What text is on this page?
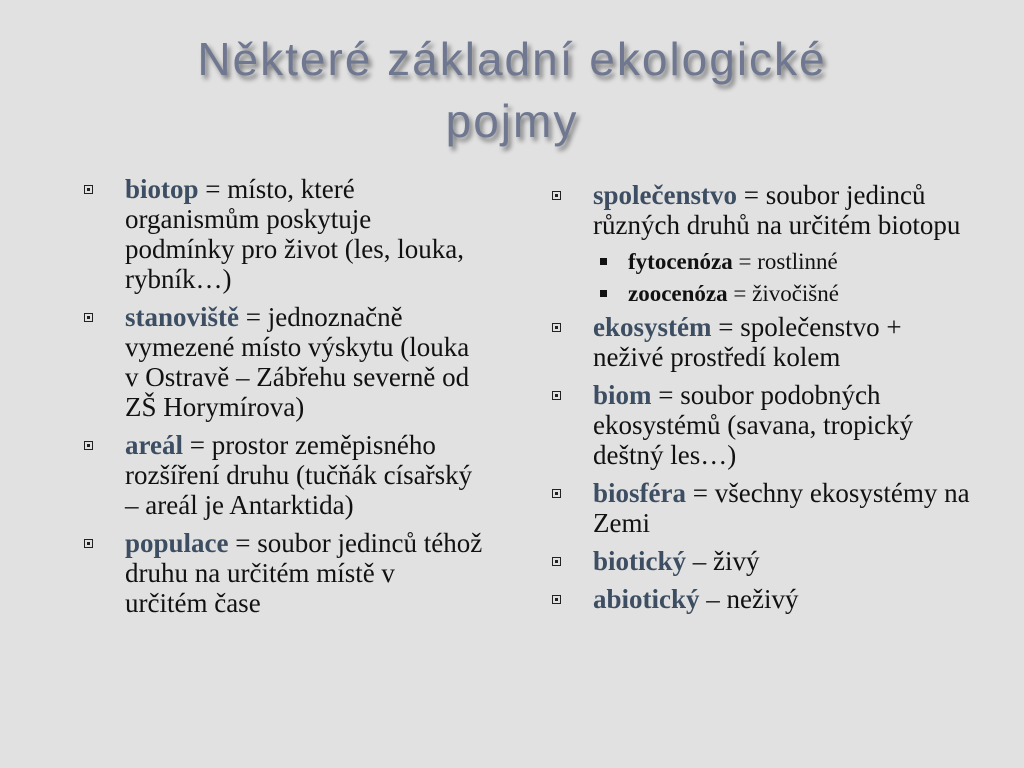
Některé základní ekologické
pojmy
biotop = místo, které organismům poskytuje podmínky pro život (les, louka, rybník…)
stanoviště = jednoznačně vymezené místo výskytu (louka v Ostravě – Zábřehu severně od ZŠ Horymírova)
areál = prostor zeměpisného rozšíření druhu (tučňák císařský – areál je Antarktida)
populace = soubor jedinců téhož druhu na určitém místě v určitém čase
společenstvo = soubor jedinců různých druhů na určitém biotopu
fytocenóza = rostlinné
zoocenóza = živočišné
ekosystém = společenstvo + neživé prostředí kolem
biom = soubor podobných ekosystémů (savana, tropický deštný les…)
biosféra = všechny ekosystémy na Zemi
biotický – živý
abiotický – neživý
